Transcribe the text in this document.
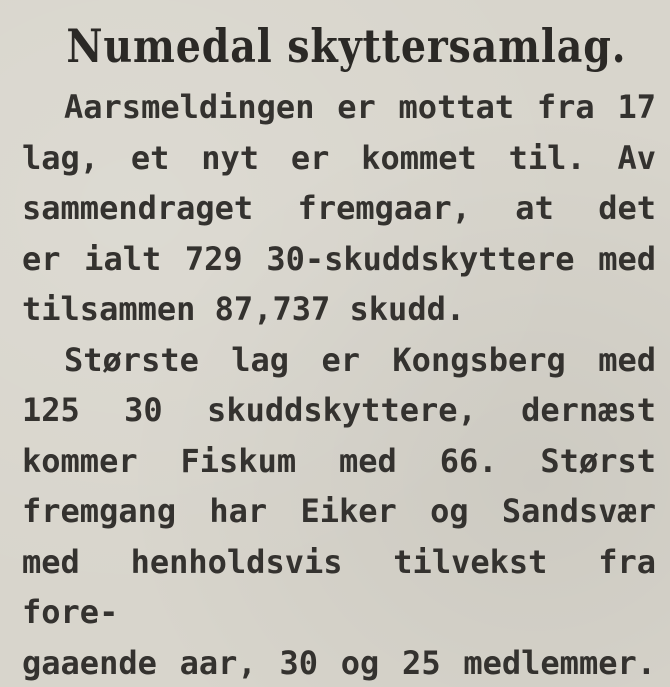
Numedal skyttersamlag.
Aarsmeldingen er mottat fra 17
lag, et nyt er kommet til. Av
sammendraget fremgaar, at det
er ialt 729 30-skuddskyttere med
tilsammen 87,737 skudd.
Største lag er Kongsberg med
125 30 skuddskyttere, dernæst
kommer Fiskum med 66. Størst
fremgang har Eiker og Sandsvær
med henholdsvis tilvekst fra fore-
gaaende aar, 30 og 25 medlemmer.
